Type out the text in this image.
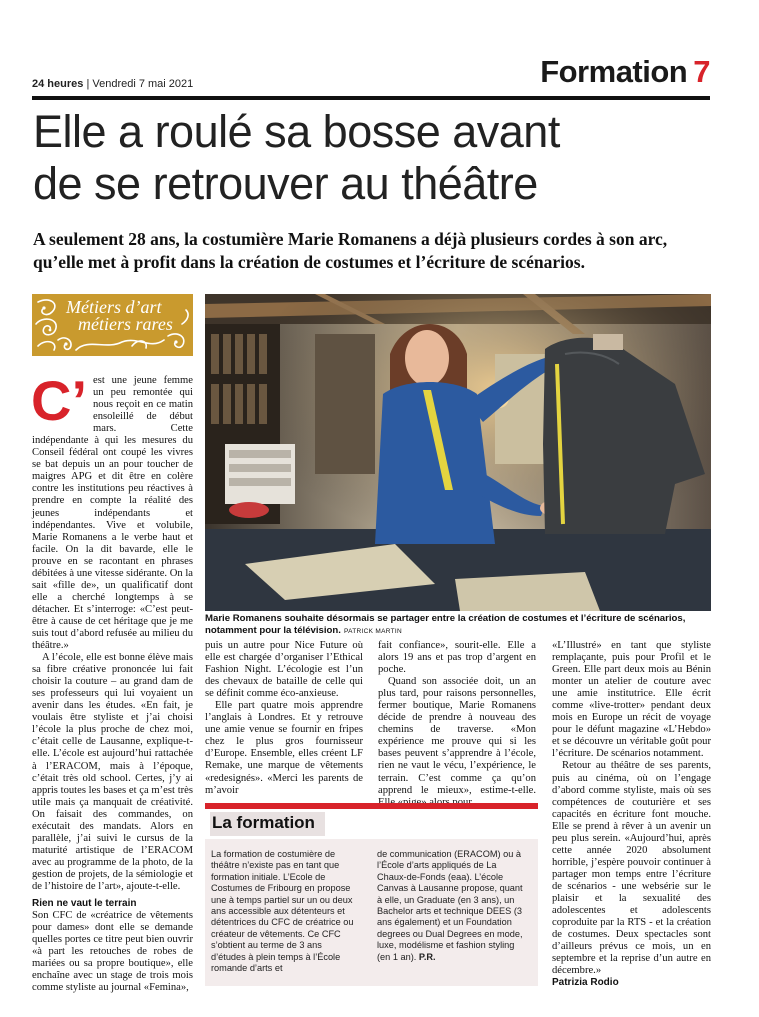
24 heures | Vendredi 7 mai 2021	Formation 7
Elle a roulé sa bosse avant
de se retrouver au théâtre

A seulement 28 ans, la costumière Marie Romanens a déjà plusieurs cordes à son arc, qu’elle met à profit dans la création de costumes et l’écriture de scénarios.

Métiers d’art
métiers rares

Marie Romanens souhaite désormais se partager entre la création de costumes et l’écriture de scénarios, notamment pour la télévision. PATRICK MARTIN

C’ est une jeune femme un peu remontée qui nous reçoit en ce matin ensoleillé de début mars. Cette indépendante à qui les mesures du Conseil fédéral ont coupé les vivres se bat depuis un an pour toucher de maigres APG et dit être en colère contre les institutions peu réactives à prendre en compte la réalité des jeunes indépendants et indépendantes. Vive et volubile, Marie Romanens a le verbe haut et facile. On la dit bavarde, elle le prouve en se racontant en phrases débitées à une vitesse sidérante. On la sait «fille de», un qualificatif dont elle a cherché longtemps à se détacher. Et s’interroge: «C’est peut-être à cause de cet héritage que je me suis tout d’abord refusée au milieu du théâtre.»

A l’école, elle est bonne élève mais sa fibre créative prononcée lui fait choisir la couture – au grand dam de ses professeurs qui lui voyaient un avenir dans les études. «En fait, je voulais être styliste et j’ai choisi l’école la plus proche de chez moi, c’était celle de Lausanne, explique-t-elle. L’école est aujourd’hui rattachée à l’ERACOM, mais à l’époque, c’était très old school. Certes, j’y ai appris toutes les bases et ça m’est très utile mais ça manquait de créativité. On faisait des commandes, on exécutait des mandats. Alors en parallèle, j’ai suivi le cursus de la maturité artistique de l’ERACOM avec au programme de la photo, de la gestion de projets, de la sémiologie et de l’histoire de l’art», ajoute-t-elle.

Rien ne vaut le terrain

Son CFC de «créatrice de vêtements pour dames» dont elle se demande quelles portes ce titre peut bien ouvrir «à part les retouches de robes de mariées ou sa propre boutique», elle enchaîne avec un stage de trois mois comme styliste au journal «Femina»,

puis un autre pour Nice Future où elle est chargée d’organiser l’Ethical Fashion Night. L’écologie est l’un des chevaux de bataille de celle qui se définit comme éco-anxieuse.

Elle part quatre mois apprendre l’anglais à Londres. Et y retrouve une amie venue se fournir en fripes chez le plus gros fournisseur d’Europe. Ensemble, elles créent LF Remake, une marque de vêtements «redesignés». «Merci les parents de m’avoir

fait confiance», sourit-elle. Elle a alors 19 ans et pas trop d’argent en poche.

Quand son associée doit, un an plus tard, pour raisons personnelles, fermer boutique, Marie Romanens décide de prendre à nouveau des chemins de traverse. «Mon expérience me prouve qui si les bases peuvent s’apprendre à l’école, rien ne vaut le vécu, l’expérience, le terrain. C’est comme ça qu’on apprend le mieux», estime-t-elle.

«L’Illustré» en tant que styliste remplaçante, puis pour Profil et le Green. Elle part deux mois au Bénin monter un atelier de couture avec une amie institutrice. Elle écrit comme «live-trotter» pendant deux mois en Europe un récit de voyage pour le défunt magazine «L’Hebdo» et se découvre un véritable goût pour l’écriture. De scénarios notamment.

Retour au théâtre de ses parents, puis au cinéma, où on l’engage d’abord comme styliste, mais où ses compétences de couturière et ses capacités en écriture font mouche. Elle se prend à rêver à un avenir un peu plus serein. «Aujourd’hui, après cette année 2020 absolument horrible, j’espère pouvoir continuer à partager mon temps entre l’écriture de scénarios - une websérie sur le plaisir et la sexualité des adolescentes et adolescents coproduite par la RTS - et la création de costumes. Deux spectacles sont d’ailleurs prévus ce mois, un en septembre et la reprise d’un autre en décembre.»

Patrizia Rodio

La formation

La formation de costumière de théâtre n’existe pas en tant que formation initiale. L’Ecole de Costumes de Fribourg en propose une à temps partiel sur un ou deux ans accessible aux détenteurs et détentrices du CFC de créatrice ou créateur de vêtements. Ce CFC s’obtient au terme de 3 ans d’études à plein temps à l’École romande d’arts et

de communication (ERACOM) ou à l’École d’arts appliqués de La Chaux-de-Fonds (eaa). L’école Canvas à Lausanne propose, quant à elle, un Graduate (en 3 ans), un Bachelor arts et technique DEES (3 ans également) et un Foundation degrees ou Dual Degrees en mode, luxe, modélisme et fashion styling (en 1 an). P.R.
